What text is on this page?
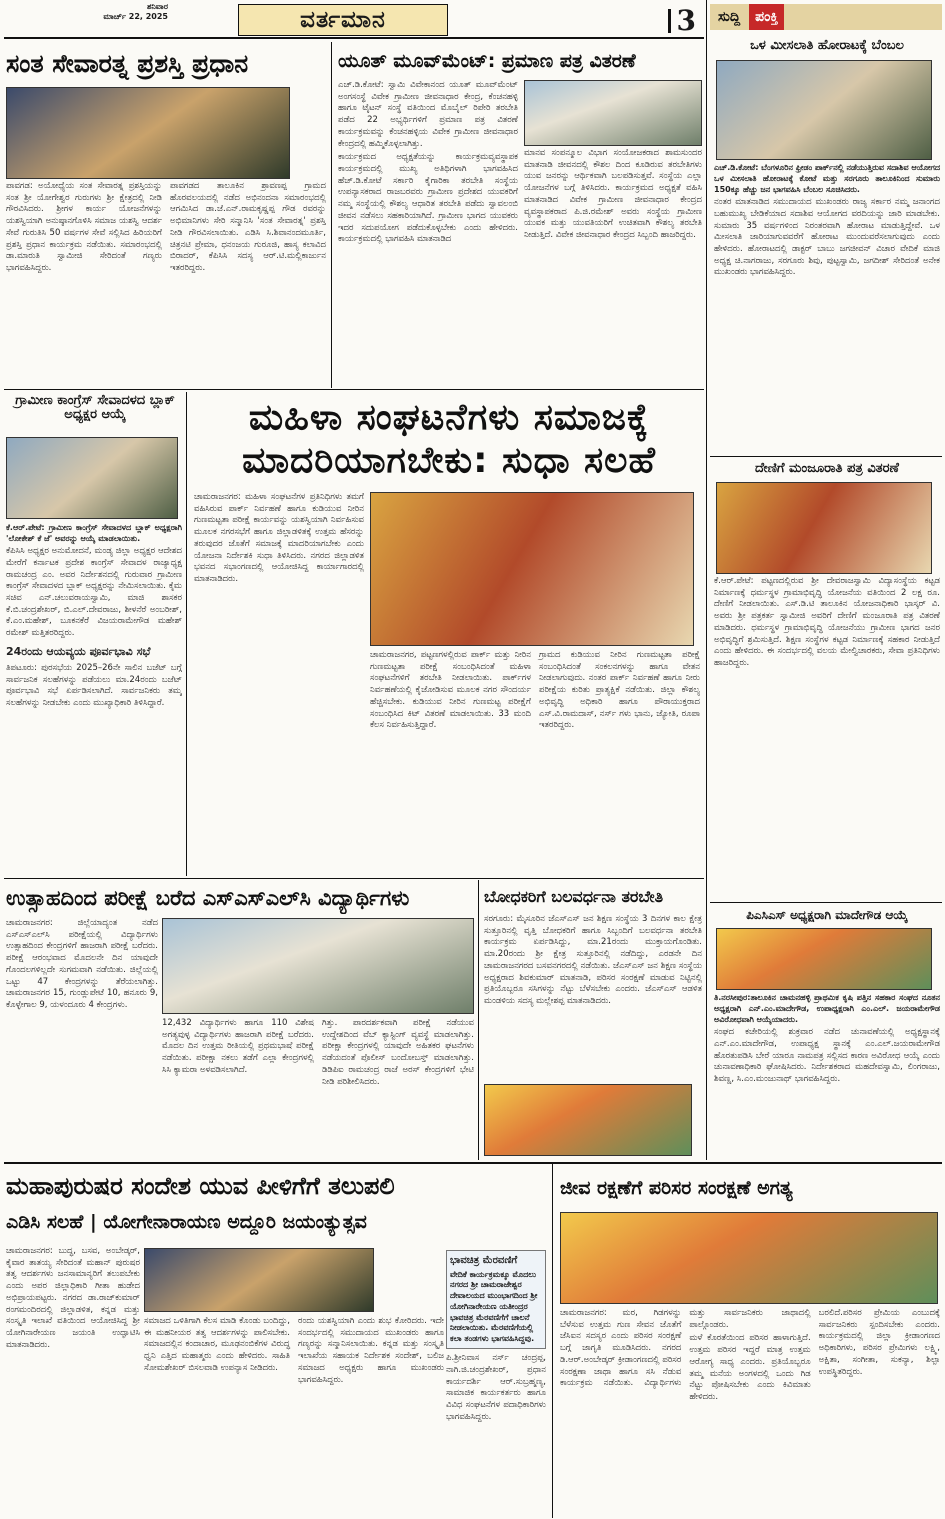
ಶನಿವಾರ
ಮಾರ್ಚ್ 22, 2025	ವರ್ತಮಾನ	3	ಸುದ್ದಿ ಪಂಕ್ತಿ
ಸಂತ ಸೇವಾರತ್ನ ಪ್ರಶಸ್ತಿ ಪ್ರಧಾನ

ಪಾವಗಡ: ಅಯೋಧ್ಯೆಯ ಸಂತ ಸೇವಾರತ್ನ ಪ್ರಶಸ್ತಿಯನ್ನು ಸಂತ ಶ್ರೀ ಯೋಗೇಶ್ವರ ಗುರುಗಳು ಶ್ರೀ ಕ್ಷೇತ್ರದಲ್ಲಿ ನೀಡಿ ಗೌರವಿಸಿದರು. ಶ್ರೀಗಳ ಕಾರ್ಯ ಯೋಜನೆಗಳನ್ನು ಯಶಸ್ವಿಯಾಗಿ ಅನುಷ್ಠಾನಗೊಳಿಸಿ ಸಮಾಜ ಯಶಸ್ವಿ ಆದರ್ಶ ಸೇವೆ ಗುರುತಿಸಿ 50 ವರ್ಷಗಳ ಸೇವೆ ಸಲ್ಲಿಸಿದ ಹಿರಿಯರಿಗೆ ಪ್ರಶಸ್ತಿ ಪ್ರಧಾನ ಕಾರ್ಯಕ್ರಮ ನಡೆಯಿತು. ಸಮಾರಂಭದಲ್ಲಿ ಡಾ.ಮಾರುತಿ ಸ್ವಾಮೀಜಿ ಸೇರಿದಂತೆ ಗಣ್ಯರು ಭಾಗವಹಿಸಿದ್ದರು.

ಪಾವಗಡದ ತಾಲೂಕಿನ ಶ್ರಾವಣಪ್ಪ ಗ್ರಾಮದ ಹೊರವಲಯದಲ್ಲಿ ನಡೆದ ಅಭಿನಂದನಾ ಸಮಾರಂಭದಲ್ಲಿ ಆಗಮಿಸಿದ ಡಾ.ಜೆ.ಎನ್.ರಾಮಕೃಷ್ಣಪ್ಪ ಗೌಡ ರವರನ್ನು ಅಭಿಮಾನಿಗಳು ಸೇರಿ ಸನ್ಮಾನಿಸಿ 'ಸಂತ ಸೇವಾರತ್ನ' ಪ್ರಶಸ್ತಿ ನೀಡಿ ಗೌರವಿಸಲಾಯಿತು. ಎಡಿಸಿ ಸಿ.ಶಿವಾನಂದಮೂರ್ತಿ, ಚಿತ್ರನಟಿ ಪ್ರೇಮಾ, ಧನಂಜಯ ಗುರೂಜಿ, ಹಾಸ್ಯ ಕಲಾವಿದ ಬಿರಾದರ್, ಕೆಪಿಸಿಸಿ ಸದಸ್ಯ ಆರ್.ಟಿ.ಮಲ್ಲಿಕಾರ್ಜುನ ಇತರರಿದ್ದರು.

ಯೂತ್ ಮೂವ್‌ಮೆಂಟ್: ಪ್ರಮಾಣ ಪತ್ರ ವಿತರಣೆ

ಎಚ್.ಡಿ.ಕೋಟೆ: ಸ್ವಾಮಿ ವಿವೇಕಾನಂದ ಯೂತ್ ಮೂವ್‌ಮೆಂಟ್ ಅಂಗಸಂಸ್ಥೆ ವಿವೇಕ ಗ್ರಾಮೀಣ ಜೀವನಾಧಾರ ಕೇಂದ್ರ, ಕೆಂಚನಹಳ್ಳಿ ಹಾಗೂ ಟೈಟನ್ ಸಂಸ್ಥೆ ವತಿಯಿಂದ ಮೊಬೈಲ್ ರಿಪೇರಿ ತರಬೇತಿ ಪಡೆದ 22 ಅಭ್ಯರ್ಥಿಗಳಿಗೆ ಪ್ರಮಾಣ ಪತ್ರ ವಿತರಣೆ ಕಾರ್ಯಕ್ರಮವನ್ನು ಕೆಂಚನಹಳ್ಳಿಯ ವಿವೇಕ ಗ್ರಾಮೀಣ ಜೀವನಾಧಾರ ಕೇಂದ್ರದಲ್ಲಿ ಹಮ್ಮಿಕೊಳ್ಳಲಾಗಿತ್ತು.

ಕಾರ್ಯಕ್ರಮದ ಅಧ್ಯಕ್ಷತೆಯನ್ನು ಕಾರ್ಯಕ್ರಮವ್ಯವಸ್ಥಾಪಕ ಕಾರ್ಯಕ್ರಮದಲ್ಲಿ ಮುಖ್ಯ ಅತಿಥಿಗಳಾಗಿ ಭಾಗವಹಿಸಿದ ಹೆಚ್.ಡಿ.ಕೋಟೆ ಸರ್ಕಾರಿ ಕೈಗಾರಿಕಾ ತರಬೇತಿ ಸಂಸ್ಥೆಯ ಉಪನ್ಯಾಸಕರಾದ ರಾಜಬರವರು ಗ್ರಾಮೀಣ ಪ್ರದೇಶದ ಯುವಕರಿಗೆ ನಮ್ಮ ಸಂಸ್ಥೆಯಲ್ಲಿ ಕೌಶಲ್ಯ ಆಧಾರಿತ ತರಬೇತಿ ಪಡೆದು ಸ್ವಾವಲಂಬಿ ಜೀವನ ನಡೆಸಲು ಸಹಕಾರಿಯಾಗಿದೆ. ಗ್ರಾಮೀಣ ಭಾಗದ ಯುವಕರು ಇದರ ಸದುಪಯೋಗ ಪಡೆದುಕೊಳ್ಳಬೇಕು ಎಂದು ಹೇಳಿದರು. ಕಾರ್ಯಕ್ರಮದಲ್ಲಿ ಭಾಗವಹಿಸಿ ಮಾತನಾಡಿದ

ಮಾನವ ಸಂಪನ್ಮೂಲ ವಿಭಾಗ ಸಂಯೋಜಕರಾದ ಶಾಮಸುಂದರ ಮಾತನಾಡಿ ಜೀವನದಲ್ಲಿ ಕೌಶಲ ದಿಂದ ಕೂಡಿರುವ ತರಬೇತಿಗಳು ಯುವ ಜನರನ್ನು ಆರ್ಥಿಕವಾಗಿ ಬಲಪಡಿಸುತ್ತವೆ. ಸಂಸ್ಥೆಯ ಎಲ್ಲಾ ಯೋಜನೆಗಳ ಬಗ್ಗೆ ತಿಳಿಸಿದರು. ಕಾರ್ಯಕ್ರಮದ ಅಧ್ಯಕ್ಷತೆ ವಹಿಸಿ ಮಾತನಾಡಿದ ವಿವೇಕ ಗ್ರಾಮೀಣ ಜೀವನಾಧಾರ ಕೇಂದ್ರದ ವ್ಯವಸ್ಥಾಪಕರಾದ ಪಿ.ಜಿ.ರಮೇಶ್ ಅವರು ಸಂಸ್ಥೆಯ ಗ್ರಾಮೀಣ ಯುವಕ ಮತ್ತು ಯುವತಿಯರಿಗೆ ಉಚಿತವಾಗಿ ಕೌಶಲ್ಯ ತರಬೇತಿ ನೀಡುತ್ತಿದೆ. ವಿವೇಕ ಜೀವನಾಧಾರ ಕೇಂದ್ರದ ಸಿಬ್ಬಂದಿ ಹಾಜರಿದ್ದರು.
ಗ್ರಾಮೀಣ ಕಾಂಗ್ರೆಸ್ ಸೇವಾದಳದ ಬ್ಲಾಕ್ ಅಧ್ಯಕ್ಷರ ಆಯ್ಕೆ

ಕೆ.ಆರ್.ಪೇಟೆ: ಗ್ರಾಮೀಣ ಕಾಂಗ್ರೆಸ್ ಸೇವಾದಳದ ಬ್ಲಾಕ್ ಅಧ್ಯಕ್ಷರಾಗಿ 'ಲೋಕೇಶ್ ಕೆ ಜೆ' ಅವರನ್ನು ಆಯ್ಕೆ ಮಾಡಲಾಯಿತು.

ಕೆಪಿಸಿಸಿ ಅಧ್ಯಕ್ಷರ ಅನುಮೋದನೆ, ಮಂಡ್ಯ ಜಿಲ್ಲಾ ಅಧ್ಯಕ್ಷರ ಆದೇಶದ ಮೇರೆಗೆ ಕರ್ನಾಟಕ ಪ್ರದೇಶ ಕಾಂಗ್ರೆಸ್ ಸೇವಾದಳ ರಾಜ್ಯಾಧ್ಯಕ್ಷ ರಾಮಚಂದ್ರ ಎಂ. ಅವರ ನಿರ್ದೇಶನದಲ್ಲಿ ಗುರುವಾರ ಗ್ರಾಮೀಣ ಕಾಂಗ್ರೆಸ್ ಸೇವಾದಳದ ಬ್ಲಾಕ್ ಅಧ್ಯಕ್ಷರನ್ನು ನೇಮಿಸಲಾಯಿತು. ಕೈಮ ಸಚಿವ ಎನ್.ಚಲುವರಾಯಸ್ವಾಮಿ, ಮಾಜಿ ಶಾಸಕರ ಕೆ.ಬಿ.ಚಂದ್ರಶೇಖರ್, ಬಿ.ಎಲ್.ದೇವರಾಜು, ಶೀಳನೆರೆ ಅಂಬರೀಶ್, ಕೆ.ಎಂ.ಮಹೇಶ್, ಬೂಕನಕೆರೆ ವಿಜಯರಾಮೇಗೌಡ ಮಹೇಶ್ ರಮೇಶ್ ಮತ್ತಿತರರಿದ್ದರು.

24ರಂದು ಆಯವ್ಯಯ ಪೂರ್ವಭಾವಿ ಸಭೆ

ತಿಪಟೂರು: ಪುರಸಭೆಯ 2025–26ನೇ ಸಾಲಿನ ಬಜೆಟ್ ಬಗ್ಗೆ ಸಾರ್ವಜನಿಕ ಸಲಹೆಗಳನ್ನು ಪಡೆಯಲು ಮಾ.24ರಂದು ಬಜೆಟ್ ಪೂರ್ವಭಾವಿ ಸಭೆ ಏರ್ಪಡಿಸಲಾಗಿದೆ. ಸಾರ್ವಜನಿಕರು ತಮ್ಮ ಸಲಹೆಗಳನ್ನು ನೀಡಬೇಕು ಎಂದು ಮುಖ್ಯಾಧಿಕಾರಿ ತಿಳಿಸಿದ್ದಾರೆ.

ಮಹಿಳಾ ಸಂಘಟನೆಗಳು ಸಮಾಜಕ್ಕೆ ಮಾದರಿಯಾಗಬೇಕು: ಸುಧಾ ಸಲಹೆ
ಚಾಮರಾಜನಗರ: ಮಹಿಳಾ ಸಂಘಟನೆಗಳ ಪ್ರತಿನಿಧಿಗಳು ತಮಗೆ ವಹಿಸಿರುವ ಪಾರ್ಕ್ ನಿರ್ವಹಣೆ ಹಾಗೂ ಕುಡಿಯುವ ನೀರಿನ ಗುಣಮಟ್ಟತಾ ಪರೀಕ್ಷೆ ಕಾರ್ಯವನ್ನು ಯಶಸ್ವಿಯಾಗಿ ನಿರ್ವಹಿಸುವ ಮೂಲಕ ನಗರಸಭೆಗೆ ಹಾಗೂ ಜಿಲ್ಲಾಡಳಿತಕ್ಕೆ ಉತ್ತಮ ಹೆಸರನ್ನು ತರುವುದರ ಜೊತೆಗೆ ಸಮಾಜಕ್ಕೆ ಮಾದರಿಯಾಗಬೇಕು ಎಂದು ಯೋಜನಾ ನಿರ್ದೇಶಕಿ ಸುಧಾ ತಿಳಿಸಿದರು. ನಗರದ ಜಿಲ್ಲಾಡಳಿತ ಭವನದ ಸಭಾಂಗಣದಲ್ಲಿ ಆಯೋಜಿಸಿದ್ದ ಕಾರ್ಯಾಗಾರದಲ್ಲಿ ಮಾತನಾಡಿದರು.

ಚಾಮರಾಜನಗರ, ಪಟ್ಟಣಗಳಲ್ಲಿರುವ ಪಾರ್ಕ್ ಮತ್ತು ನೀರಿನ ಗುಣಮಟ್ಟತಾ ಪರೀಕ್ಷೆ ಸಂಬಂಧಿಸಿದಂತೆ ಮಹಿಳಾ ಸಂಘಟನೆಗಳಿಗೆ ತರಬೇತಿ ನೀಡಲಾಯಿತು. ಪಾರ್ಕ್‌ಗಳ ನಿರ್ವಹಣೆಯಲ್ಲಿ ಕೈಜೋಡಿಸುವ ಮೂಲಕ ನಗರ ಸೌಂದರ್ಯ ಹೆಚ್ಚಿಸಬೇಕು. ಕುಡಿಯುವ ನೀರಿನ ಗುಣಮಟ್ಟ ಪರೀಕ್ಷೆಗೆ ಸಂಬಂಧಿಸಿದ ಕಿಟ್ ವಿತರಣೆ ಮಾಡಲಾಯಿತು. 33 ಮಂದಿ ಕೆಲಸ ನಿರ್ವಹಿಸುತ್ತಿದ್ದಾರೆ.

ಗ್ರಾಮದ ಕುಡಿಯುವ ನೀರಿನ ಗುಣಮಟ್ಟತಾ ಪರೀಕ್ಷೆ ಸಂಬಂಧಿಸಿದಂತೆ ಸಂಕಲನಗಳನ್ನು ಹಾಗೂ ವೇತನ ನೀಡಲಾಗುವುದು. ನಂತರ ಪಾರ್ಕ್ ನಿರ್ವಹಣೆ ಹಾಗೂ ನೀರು ಪರೀಕ್ಷೆಯ ಕುರಿತು ಪ್ರಾತ್ಯಕ್ಷಿಕೆ ನಡೆಯಿತು. ಜಿಲ್ಲಾ ಕೌಶಲ್ಯ ಅಭಿವೃದ್ಧಿ ಅಧಿಕಾರಿ ಹಾಗೂ ಪೌರಾಯುಕ್ತರಾದ ಎಸ್.ವಿ.ರಾಮದಾಸ್, ನರ್ಸ್ ಗಳು ಭಾನು, ಜ್ಯೋತಿ, ರೂಪಾ ಇತರರಿದ್ದರು.

ಉತ್ಸಾಹದಿಂದ ಪರೀಕ್ಷೆ ಬರೆದ ಎಸ್‌ಎಸ್‌ಎಲ್‌ಸಿ ವಿದ್ಯಾರ್ಥಿಗಳು
ಚಾಮರಾಜನಗರ: ಜಿಲ್ಲೆಯಾದ್ಯಂತ ನಡೆದ ಎಸ್‌ಎಸ್‌ಎಲ್‌ಸಿ ಪರೀಕ್ಷೆಯಲ್ಲಿ ವಿದ್ಯಾರ್ಥಿಗಳು ಉತ್ಸಾಹದಿಂದ ಕೇಂದ್ರಗಳಿಗೆ ಹಾಜರಾಗಿ ಪರೀಕ್ಷೆ ಬರೆದರು. ಪರೀಕ್ಷೆ ಆರಂಭವಾದ ಮೊದಲನೇ ದಿನ ಯಾವುದೇ ಗೊಂದಲಗಳಿಲ್ಲದೇ ಸುಗಮವಾಗಿ ನಡೆಯಿತು. ಜಿಲ್ಲೆಯಲ್ಲಿ ಒಟ್ಟು 47 ಕೇಂದ್ರಗಳನ್ನು ತೆರೆಯಲಾಗಿತ್ತು. ಚಾಮರಾಜನಗರ 15, ಗುಂಡ್ಲುಪೇಟೆ 10, ಹನೂರು 9, ಕೊಳ್ಳೇಗಾಲ 9, ಯಳಂದೂರು 4 ಕೇಂದ್ರಗಳು.

12,432 ವಿದ್ಯಾರ್ಥಿಗಳು ಹಾಗೂ 110 ವಿಶೇಷ ಅಗತ್ಯವುಳ್ಳ ವಿದ್ಯಾರ್ಥಿಗಳು ಹಾಜರಾಗಿ ಪರೀಕ್ಷೆ ಬರೆದರು. ಮೊದಲ ದಿನ ಉತ್ತಮ ರೀತಿಯಲ್ಲಿ ಪ್ರಥಮಭಾಷೆ ಪರೀಕ್ಷೆ ನಡೆಯಿತು. ಪರೀಕ್ಷಾ ನಕಲು ತಡೆಗೆ ಎಲ್ಲಾ ಕೇಂದ್ರಗಳಲ್ಲಿ ಸಿಸಿ ಕ್ಯಾಮರಾ ಅಳವಡಿಸಲಾಗಿದೆ.

ಗಿತ್ತು. ಪಾರದರ್ಶಕವಾಗಿ ಪರೀಕ್ಷೆ ನಡೆಯುವ ಉದ್ದೇಶದಿಂದ ವೆಬ್ ಕ್ಯಾಸ್ಟಿಂಗ್ ವ್ಯವಸ್ಥೆ ಮಾಡಲಾಗಿತ್ತು. ಪರೀಕ್ಷಾ ಕೇಂದ್ರಗಳಲ್ಲಿ ಯಾವುದೇ ಅಹಿತಕರ ಘಟನೆಗಳು ನಡೆಯದಂತೆ ಪೊಲೀಸ್ ಬಂದೋಬಸ್ತ್ ಮಾಡಲಾಗಿತ್ತು. ಡಿಡಿಪಿಐ ರಾಮಚಂದ್ರ ರಾಜೆ ಅರಸ್ ಕೇಂದ್ರಗಳಿಗೆ ಭೇಟಿ ನೀಡಿ ಪರಿಶೀಲಿಸಿದರು.

ಬೋಧಕರಿಗೆ ಬಲವರ್ಧನಾ ತರಬೇತಿ
ಸರಗೂರು: ಮೈಸೂರಿನ ಜೆಎಸ್‌ಎಸ್ ಜನ ಶಿಕ್ಷಣ ಸಂಸ್ಥೆಯ 3 ದಿನಗಳ ಕಾಲ ಕ್ಷೇತ್ರ ಸುತ್ತೂರಿನಲ್ಲಿ ವೃತ್ತಿ ಬೋಧಕರಿಗೆ ಹಾಗೂ ಸಿಬ್ಬಂದಿಗೆ ಬಲವರ್ಧನಾ ತರಬೇತಿ ಕಾರ್ಯಕ್ರಮ ಏರ್ಪಡಿಸಿದ್ದು, ಮಾ.21ರಂದು ಮುಕ್ತಾಯಗೊಂಡಿತು. ಮಾ.20ರಂದು ಶ್ರೀ ಕ್ಷೇತ್ರ ಸುತ್ತೂರಿನಲ್ಲಿ ನಡೆದಿದ್ದು, ಎರಡನೇ ದಿನ ಚಾಮರಾಜನಗರದ ಬಸವನಗರದಲ್ಲಿ ನಡೆಯಿತು. ಜೆಎಸ್‌ಎಸ್ ಜನ ಶಿಕ್ಷಣ ಸಂಸ್ಥೆಯ ಅಧ್ಯಕ್ಷರಾದ ಶಿವಕುಮಾರ್ ಮಾತನಾಡಿ, ಪರಿಸರ ಸಂರಕ್ಷಣೆ ಮಾಡುವ ನಿಟ್ಟಿನಲ್ಲಿ ಪ್ರತಿಯೊಬ್ಬರೂ ಸಸಿಗಳನ್ನು ನೆಟ್ಟು ಬೆಳೆಸಬೇಕು ಎಂದರು. ಜೆಎಸ್‌ಎಸ್ ಆಡಳಿತ ಮಂಡಳಿಯ ಸದಸ್ಯ ಮಲ್ಲೇಶಪ್ಪ ಮಾತನಾಡಿದರು.
ಒಳ ಮೀಸಲಾತಿ ಹೋರಾಟಕ್ಕೆ ಬೆಂಬಲ

ಎಚ್.ಡಿ.ಕೋಟೆ: ಬೆಂಗಳೂರಿನ ಫ್ರೀಡಂ ಪಾರ್ಕ್‌ನಲ್ಲಿ ನಡೆಯುತ್ತಿರುವ ಸದಾಶಿವ ಆಯೋಗದ ಒಳ ಮೀಸಲಾತಿ ಹೋರಾಟಕ್ಕೆ ಕೋಟೆ ಮತ್ತು ಸರಗೂರು ತಾಲೂಕಿನಿಂದ ಸುಮಾರು 150ಕ್ಕೂ ಹೆಚ್ಚು ಜನ ಭಾಗವಹಿಸಿ ಬೆಂಬಲ ಸೂಚಿಸಿದರು.

ನಂತರ ಮಾತನಾಡಿದ ಸಮುದಾಯದ ಮುಖಂಡರು ರಾಜ್ಯ ಸರ್ಕಾರ ನಮ್ಮ ಜನಾಂಗದ ಬಹುಮುಖ್ಯ ಬೇಡಿಕೆಯಾದ ಸದಾಶಿವ ಆಯೋಗದ ವರದಿಯನ್ನು ಜಾರಿ ಮಾಡಬೇಕು. ಸುಮಾರು 35 ವರ್ಷಗಳಿಂದ ನಿರಂತರವಾಗಿ ಹೋರಾಟ ಮಾಡುತ್ತಿದ್ದೇವೆ. ಒಳ ಮೀಸಲಾತಿ ಜಾರಿಯಾಗುವವರೆಗೆ ಹೋರಾಟ ಮುಂದುವರೆಸಲಾಗುವುದು ಎಂದು ಹೇಳಿದರು. ಹೋರಾಟದಲ್ಲಿ ಡಾಕ್ಟರ್ ಬಾಬು ಜಗಜೀವನ್ ವಿಚಾರ ವೇದಿಕೆ ಮಾಜಿ ಅಧ್ಯಕ್ಷ ಚಿ.ನಾಗರಾಜು, ಸರಗೂರು ಶಿವು, ಪುಟ್ಟಸ್ವಾಮಿ, ಜಗದೀಶ್ ಸೇರಿದಂತೆ ಅನೇಕ ಮುಖಂಡರು ಭಾಗವಹಿಸಿದ್ದರು.

ದೇಣಿಗೆ ಮಂಜೂರಾತಿ ಪತ್ರ ವಿತರಣೆ
ಕೆ.ಆರ್.ಪೇಟೆ: ಪಟ್ಟಣದಲ್ಲಿರುವ ಶ್ರೀ ದೇವರಾಜಸ್ವಾಮಿ ವಿದ್ಯಾಸಂಸ್ಥೆಯ ಕಟ್ಟಡ ನಿರ್ಮಾಣಕ್ಕೆ ಧರ್ಮಸ್ಥಳ ಗ್ರಾಮಾಭಿವೃದ್ಧಿ ಯೋಜನೆಯ ವತಿಯಿಂದ 2 ಲಕ್ಷ ರೂ. ದೇಣಿಗೆ ನೀಡಲಾಯಿತು. ಎಸ್.ಡಿ.ಟಿ ತಾಲೂಕಿನ ಯೋಜನಾಧಿಕಾರಿ ಭಾಸ್ಕರ್ ವಿ. ಅವರು ಶ್ರೀ ಪತ್ರಕರ್ತ ಸ್ವಾಮೀಜಿ ಅವರಿಗೆ ದೇಣಿಗೆ ಮಂಜೂರಾತಿ ಪತ್ರ ವಿತರಣೆ ಮಾಡಿದರು. ಧರ್ಮಸ್ಥಳ ಗ್ರಾಮಾಭಿವೃದ್ಧಿ ಯೋಜನೆಯು ಗ್ರಾಮೀಣ ಭಾಗದ ಜನರ ಅಭಿವೃದ್ಧಿಗೆ ಶ್ರಮಿಸುತ್ತಿದೆ. ಶಿಕ್ಷಣ ಸಂಸ್ಥೆಗಳ ಕಟ್ಟಡ ನಿರ್ಮಾಣಕ್ಕೆ ಸಹಕಾರ ನೀಡುತ್ತಿದೆ ಎಂದು ಹೇಳಿದರು. ಈ ಸಂದರ್ಭದಲ್ಲಿ ವಲಯ ಮೇಲ್ವಿಚಾರಕರು, ಸೇವಾ ಪ್ರತಿನಿಧಿಗಳು ಹಾಜರಿದ್ದರು.
ಪಿಎಸಿಎಸ್ ಅಧ್ಯಕ್ಷರಾಗಿ ಮಾದೇಗೌಡ ಆಯ್ಕೆ

ತಿ.ನರಸೀಪುರ:ತಾಲೂಕಿನ ಚಾಮನಹಳ್ಳಿ ಪ್ರಾಥಮಿಕ ಕೃಷಿ ಪತ್ತಿನ ಸಹಕಾರ ಸಂಘದ ನೂತನ ಅಧ್ಯಕ್ಷರಾಗಿ ಎನ್.ಎಂ.ಮಾದೇಗೌಡ, ಉಪಾಧ್ಯಕ್ಷರಾಗಿ ಎಂ.ಎಲ್. ಜಯರಾಮೇಗೌಡ ಅವಿರೋಧವಾಗಿ ಆಯ್ಕೆಯಾದರು.

ಸಂಘದ ಕಚೇರಿಯಲ್ಲಿ ಶುಕ್ರವಾರ ನಡೆದ ಚುನಾವಣೆಯಲ್ಲಿ ಅಧ್ಯಕ್ಷಸ್ಥಾನಕ್ಕೆ ಎನ್.ಎಂ.ಮಾದೇಗೌಡ, ಉಪಾಧ್ಯಕ್ಷ ಸ್ಥಾನಕ್ಕೆ ಎಂ.ಎಲ್.ಜಯರಾಮೇಗೌಡ ಹೊರತುಪಡಿಸಿ ಬೇರೆ ಯಾರೂ ನಾಮಪತ್ರ ಸಲ್ಲಿಸದ ಕಾರಣ ಅವಿರೋಧ ಆಯ್ಕೆ ಎಂದು ಚುನಾವಣಾಧಿಕಾರಿ ಘೋಷಿಸಿದರು. ನಿರ್ದೇಶಕರಾದ ಮಹದೇವಸ್ವಾಮಿ, ಲಿಂಗರಾಜು, ಶಿವಣ್ಣ, ಸಿ.ಎಂ.ಮಂಜುನಾಥ್ ಭಾಗವಹಿಸಿದ್ದರು.

ಮಹಾಪುರುಷರ ಸಂದೇಶ ಯುವ ಪೀಳಿಗೆಗೆ ತಲುಪಲಿ
ಎಡಿಸಿ ಸಲಹೆ | ಯೋಗೇನಾರಾಯಣ ಅದ್ದೂರಿ ಜಯಂತ್ಯುತ್ಸವ
ಚಾಮರಾಜನಗರ: ಬುದ್ಧ, ಬಸವ, ಅಂಬೇಡ್ಕರ್, ಕೈವಾರ ತಾತಯ್ಯ ಸೇರಿದಂತೆ ಮಹಾನ್ ಪುರುಷರ ತತ್ವ ಆದರ್ಶಗಳು ಜನಸಾಮಾನ್ಯರಿಗೆ ತಲುಪಬೇಕು ಎಂದು ಅಪರ ಜಿಲ್ಲಾಧಿಕಾರಿ ಗೀತಾ ಹುಡೇದ ಅಭಿಪ್ರಾಯಪಟ್ಟರು. ನಗರದ ಡಾ.ರಾಜ್‌ಕುಮಾರ್ ರಂಗಮಂದಿರದಲ್ಲಿ ಜಿಲ್ಲಾಡಳಿತ, ಕನ್ನಡ ಮತ್ತು ಸಂಸ್ಕೃತಿ ಇಲಾಖೆ ವತಿಯಿಂದ ಆಯೋಜಿಸಿದ್ದ ಶ್ರೀ ಯೋಗಿನಾರೇಯಣ ಜಯಂತಿ ಉದ್ಘಾಟಿಸಿ ಮಾತನಾಡಿದರು.

ಸಮಾಜದ ಒಳಿತಿಗಾಗಿ ಕೆಲಸ ಮಾಡಿ ಕೊಂಡು ಬಂದಿದ್ದು, ಈ ಮಹನೀಯರ ತತ್ವ ಆದರ್ಶಗಳನ್ನು ಪಾಲಿಸಬೇಕು. ಸಮಾಜದಲ್ಲಿನ ಕಂದಾಚಾರ, ಮೂಢನಂಬಿಕೆಗಳ ವಿರುದ್ಧ ಧ್ವನಿ ಎತ್ತಿದ ಮಹಾತ್ಮರು ಎಂದು ಹೇಳಿದರು. ಸಾಹಿತಿ ಸೋಮಶೇಖರ್ ಬಿಸಲವಾಡಿ ಉಪನ್ಯಾಸ ನೀಡಿದರು.

ರಂದು ಯಶಸ್ವಿಯಾಗಿ ಎಂದು ಶುಭ ಕೋರಿದರು. ಇದೇ ಸಂದರ್ಭದಲ್ಲಿ ಸಮುದಾಯದ ಮುಖಂಡರು ಹಾಗೂ ಗಣ್ಯರನ್ನು ಸನ್ಮಾನಿಸಲಾಯಿತು. ಕನ್ನಡ ಮತ್ತು ಸಂಸ್ಕೃತಿ ಇಲಾಖೆಯ ಸಹಾಯಕ ನಿರ್ದೇಶಕ ಸಂದೇಶ್, ಬಲಿಜ ಸಮಾಜದ ಅಧ್ಯಕ್ಷರು ಹಾಗೂ ಮುಖಂಡರು ಭಾಗವಹಿಸಿದ್ದರು.

ಭಾವಚಿತ್ರ ಮೆರವಣಿಗೆ
ವೇದಿಕೆ ಕಾರ್ಯಕ್ರಮಕ್ಕೂ ಮೊದಲು ನಗರದ ಶ್ರೀ ಚಾಮರಾಜೇಶ್ವರ ದೇವಾಲಯದ ಮುಂಭಾಗದಿಂದ ಶ್ರೀ ಯೋಗಿನಾರೇಯಣ ಯತೀಂದ್ರರ ಭಾವಚಿತ್ರ ಮೆರವಣಿಗೆಗೆ ಚಾಲನೆ ನೀಡಲಾಯಿತು. ಮೆರವಣಿಗೆಯಲ್ಲಿ ಕಲಾ ತಂಡಗಳು ಭಾಗವಹಿಸಿದ್ದವು.
ಪಿ.ಶ್ರೀನಿವಾಸ ನರ್ಸ್ ಚಂದ್ರಪ್ಪ, ನಾಗಿ.ಜಿ.ಚಂದ್ರಶೇಖರ್, ಪ್ರಧಾನ ಕಾರ್ಯದರ್ಶಿ ಆರ್.ಸುಬ್ರಹ್ಮಣ್ಯ, ಸಾಮಾಜಿಕ ಕಾರ್ಯಕರ್ತರು ಹಾಗೂ ವಿವಿಧ ಸಂಘಟನೆಗಳ ಪದಾಧಿಕಾರಿಗಳು ಭಾಗವಹಿಸಿದ್ದರು.
ಜೀವ ರಕ್ಷಣೆಗೆ ಪರಿಸರ ಸಂರಕ್ಷಣೆ ಅಗತ್ಯ

ಚಾಮರಾಜನಗರ: ಮರ, ಗಿಡಗಳನ್ನು ಬೆಳೆಸುವ ಉತ್ತಮ ಗುಣ ಸೇವನ ಜೊತೆಗೆ ಜೆಸಿಐನ ಸದಸ್ಯರ ಎಂದು ಪರಿಸರ ಸಂರಕ್ಷಣೆ ಬಗ್ಗೆ ಜಾಗೃತಿ ಮೂಡಿಸಿದರು. ನಗರದ ಡಿ.ಆರ್.ಅಂಬೇಡ್ಕರ್ ಕ್ರೀಡಾಂಗಣದಲ್ಲಿ ಪರಿಸರ ಸಂರಕ್ಷಣಾ ಜಾಥಾ ಹಾಗೂ ಸಸಿ ನೆಡುವ ಕಾರ್ಯಕ್ರಮ ನಡೆಯಿತು. ವಿದ್ಯಾರ್ಥಿಗಳು ಮತ್ತು ಸಾರ್ವಜನಿಕರು ಜಾಥಾದಲ್ಲಿ ಪಾಲ್ಗೊಂಡರು.

ಮಳೆ ಕೊರತೆಯಿಂದ ಪರಿಸರ ಹಾಳಾಗುತ್ತಿದೆ. ಉತ್ತಮ ಪರಿಸರ ಇದ್ದರೆ ಮಾತ್ರ ಉತ್ತಮ ಆರೋಗ್ಯ ಸಾಧ್ಯ ಎಂದರು. ಪ್ರತಿಯೊಬ್ಬರೂ ತಮ್ಮ ಮನೆಯ ಅಂಗಳದಲ್ಲಿ ಒಂದು ಗಿಡ ನೆಟ್ಟು ಪೋಷಿಸಬೇಕು ಎಂದು ಕಿವಿಮಾತು ಹೇಳಿದರು.

ಬರಲಿದೆ.ಪರಿಸರ ಪ್ರೇಮಿಯ ಎಂಬುದಕ್ಕೆ ಸಾರ್ವಜನಿಕರು ಸ್ಪಂದಿಸಬೇಕು ಎಂದರು. ಕಾರ್ಯಕ್ರಮದಲ್ಲಿ ಜಿಲ್ಲಾ ಕ್ರೀಡಾಂಗಣದ ಅಧಿಕಾರಿಗಳು, ಪರಿಸರ ಪ್ರೇಮಿಗಳು ಲಕ್ಷ್ಮಿ, ಅಕ್ಷಿತಾ, ಸಂಗೀತಾ, ಸುಕನ್ಯಾ, ಶಿಲ್ಪಾ ಉಪಸ್ಥಿತರಿದ್ದರು.
